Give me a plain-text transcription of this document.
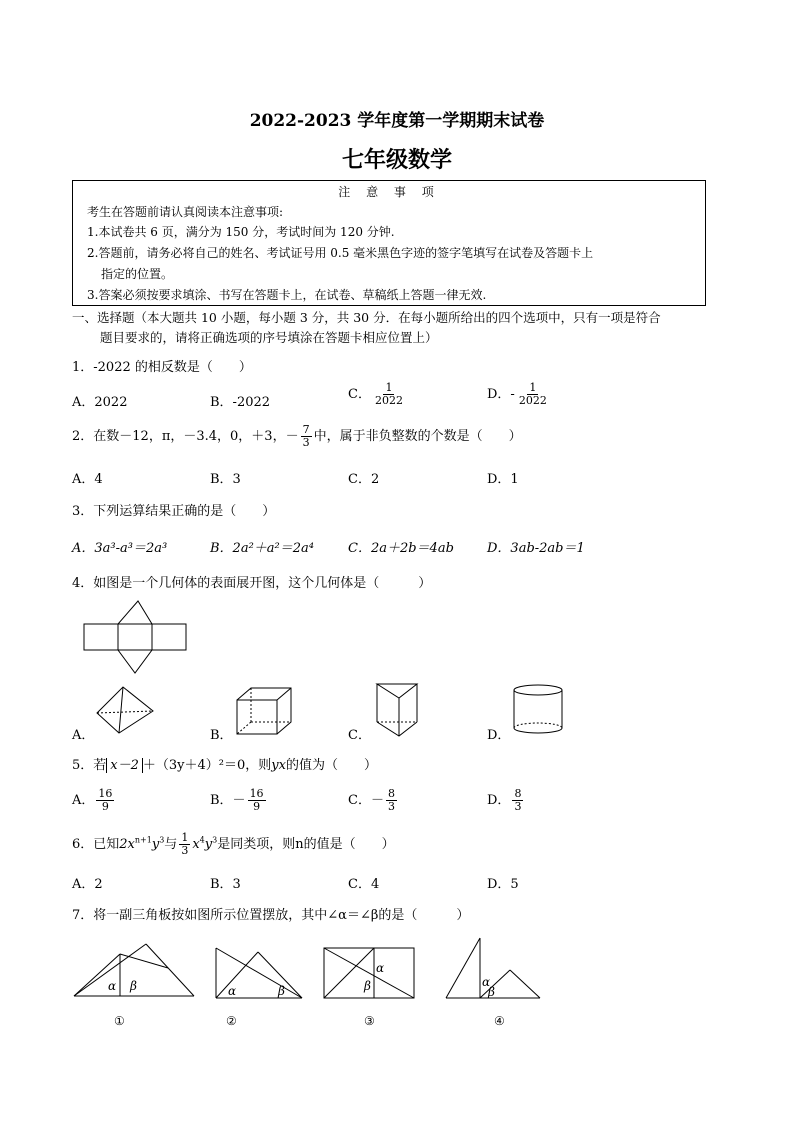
2022-2023 学年度第一学期期末试卷
七年级数学
注 意 事 项
考生在答题前请认真阅读本注意事项:
1.本试卷共 6 页，满分为 150 分，考试时间为 120 分钟.
2.答题前，请务必将自己的姓名、考试证号用 0.5 毫米黑色字迹的签字笔填写在试卷及答题卡上
指定的位置。
3.答案必须按要求填涂、书写在答题卡上，在试卷、草稿纸上答题一律无效.
一、选择题（本大题共 10 小题，每小题 3 分，共 30 分．在每小题所给出的四个选项中，只有一项是符合
题目要求的，请将正确选项的序号填涂在答题卡相应位置上）
1．-2022 的相反数是（　　）
A．2022	B．-2022
C． $\frac{1}{2022}$	D．- $\frac{1}{2022}$
2．在数－12，π，－3.4，0，＋3，－ $\frac{7}{3}$ 中，属于非负整数的个数是（　　）
A．4	B．3	C．2	D．1
3．下列运算结果正确的是（　　）
A．3a³-a³＝2a³	B．2a²＋a²＝2a⁴	C．2a＋2b＝4ab	D．3ab-2ab＝1
4．如图是一个几何体的表面展开图，这个几何体是（　　　）
A．	B．	C．	D．
5．若 x－2 ＋（3y＋4）²＝0，则yx的值为（　　）
A． $\frac{16}{9}$	B．－ $\frac{16}{9}$	C．－ $\frac{8}{3}$	D． $\frac{8}{3}$
6．已知$2x^{n+1}y^3$与 $\frac{1}{3} x^4y^3$是同类项，则n的值是（　　）
A．2	B．3	C．4	D．5
7．将一副三角板按如图所示位置摆放，其中∠α＝∠β的是（　　　）
α β
①
α	β
②
α
β
③
α
β
④
